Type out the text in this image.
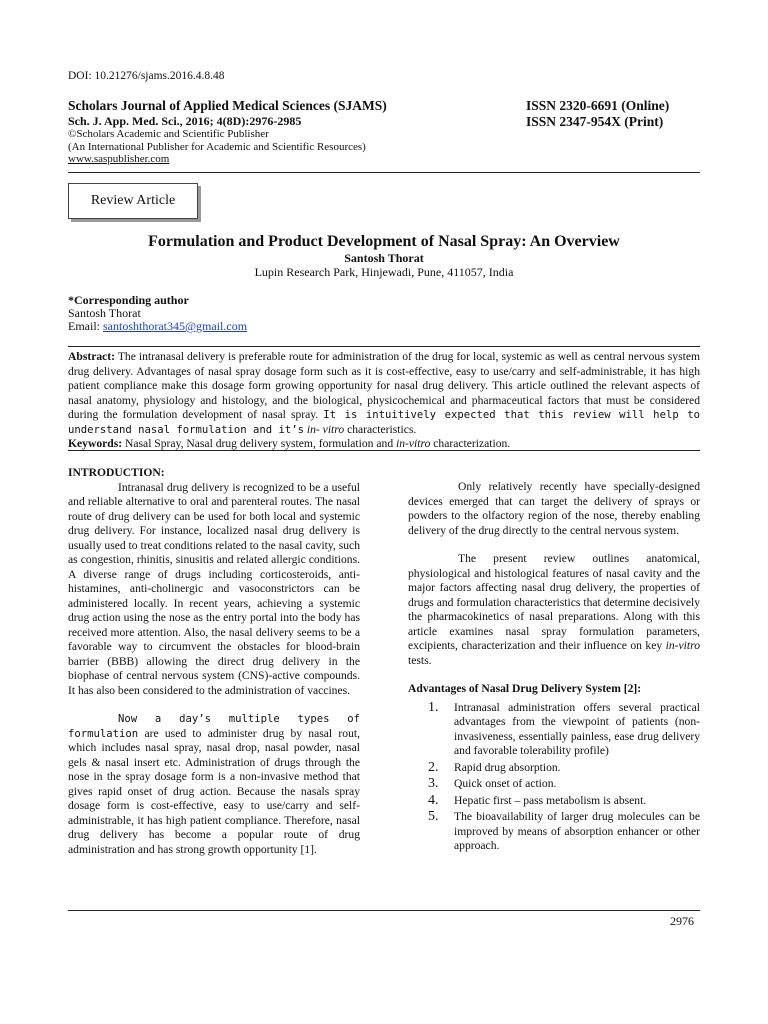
DOI: 10.21276/sjams.2016.4.8.48
Scholars Journal of Applied Medical Sciences (SJAMS)
Sch. J. App. Med. Sci., 2016; 4(8D):2976-2985
©Scholars Academic and Scientific Publisher
(An International Publisher for Academic and Scientific Resources)
www.saspublisher.com
ISSN 2320-6691 (Online)
ISSN 2347-954X (Print)
Review Article
Formulation and Product Development of Nasal Spray: An Overview
Santosh Thorat
Lupin Research Park, Hinjewadi, Pune, 411057, India
*Corresponding author
Santosh Thorat
Email: santoshthorat345@gmail.com
Abstract: The intranasal delivery is preferable route for administration of the drug for local, systemic as well as central nervous system drug delivery. Advantages of nasal spray dosage form such as it is cost-effective, easy to use/carry and self-administrable, it has high patient compliance make this dosage form growing opportunity for nasal drug delivery. This article outlined the relevant aspects of nasal anatomy, physiology and histology, and the biological, physicochemical and pharmaceutical factors that must be considered during the formulation development of nasal spray. It is intuitively expected that this review will help to understand nasal formulation and it’s in- vitro characteristics.
Keywords: Nasal Spray, Nasal drug delivery system, formulation and in-vitro characterization.

INTRODUCTION:

Intranasal drug delivery is recognized to be a useful and reliable alternative to oral and parenteral routes. The nasal route of drug delivery can be used for both local and systemic drug delivery. For instance, localized nasal drug delivery is usually used to treat conditions related to the nasal cavity, such as congestion, rhinitis, sinusitis and related allergic conditions. A diverse range of drugs including corticosteroids, anti-histamines, anti-cholinergic and vasoconstrictors can be administered locally. In recent years, achieving a systemic drug action using the nose as the entry portal into the body has received more attention. Also, the nasal delivery seems to be a favorable way to circumvent the obstacles for blood-brain barrier (BBB) allowing the direct drug delivery in the biophase of central nervous system (CNS)-active compounds. It has also been considered to the administration of vaccines.

Now a day’s multiple types of formulation are used to administer drug by nasal rout, which includes nasal spray, nasal drop, nasal powder, nasal gels & nasal insert etc. Administration of drugs through the nose in the spray dosage form is a non-invasive method that gives rapid onset of drug action. Because the nasals spray dosage form is cost-effective, easy to use/carry and self-administrable, it has high patient compliance. Therefore, nasal drug delivery has become a popular route of drug administration and has strong growth opportunity [1].

Only relatively recently have specially-designed devices emerged that can target the delivery of sprays or powders to the olfactory region of the nose, thereby enabling delivery of the drug directly to the central nervous system.

The present review outlines anatomical, physiological and histological features of nasal cavity and the major factors affecting nasal drug delivery, the properties of drugs and formulation characteristics that determine decisively the pharmacokinetics of nasal preparations. Along with this article examines nasal spray formulation parameters, excipients, characterization and their influence on key in-vitro tests.

Advantages of Nasal Drug Delivery System [2]:

1.	Intranasal administration offers several practical advantages from the viewpoint of patients (non-invasiveness, essentially painless, ease drug delivery and favorable tolerability profile)
2.	Rapid drug absorption.
3.	Quick onset of action.
4.	Hepatic first – pass metabolism is absent.
5.	The bioavailability of larger drug molecules can be improved by means of absorption enhancer or other approach.
2976
